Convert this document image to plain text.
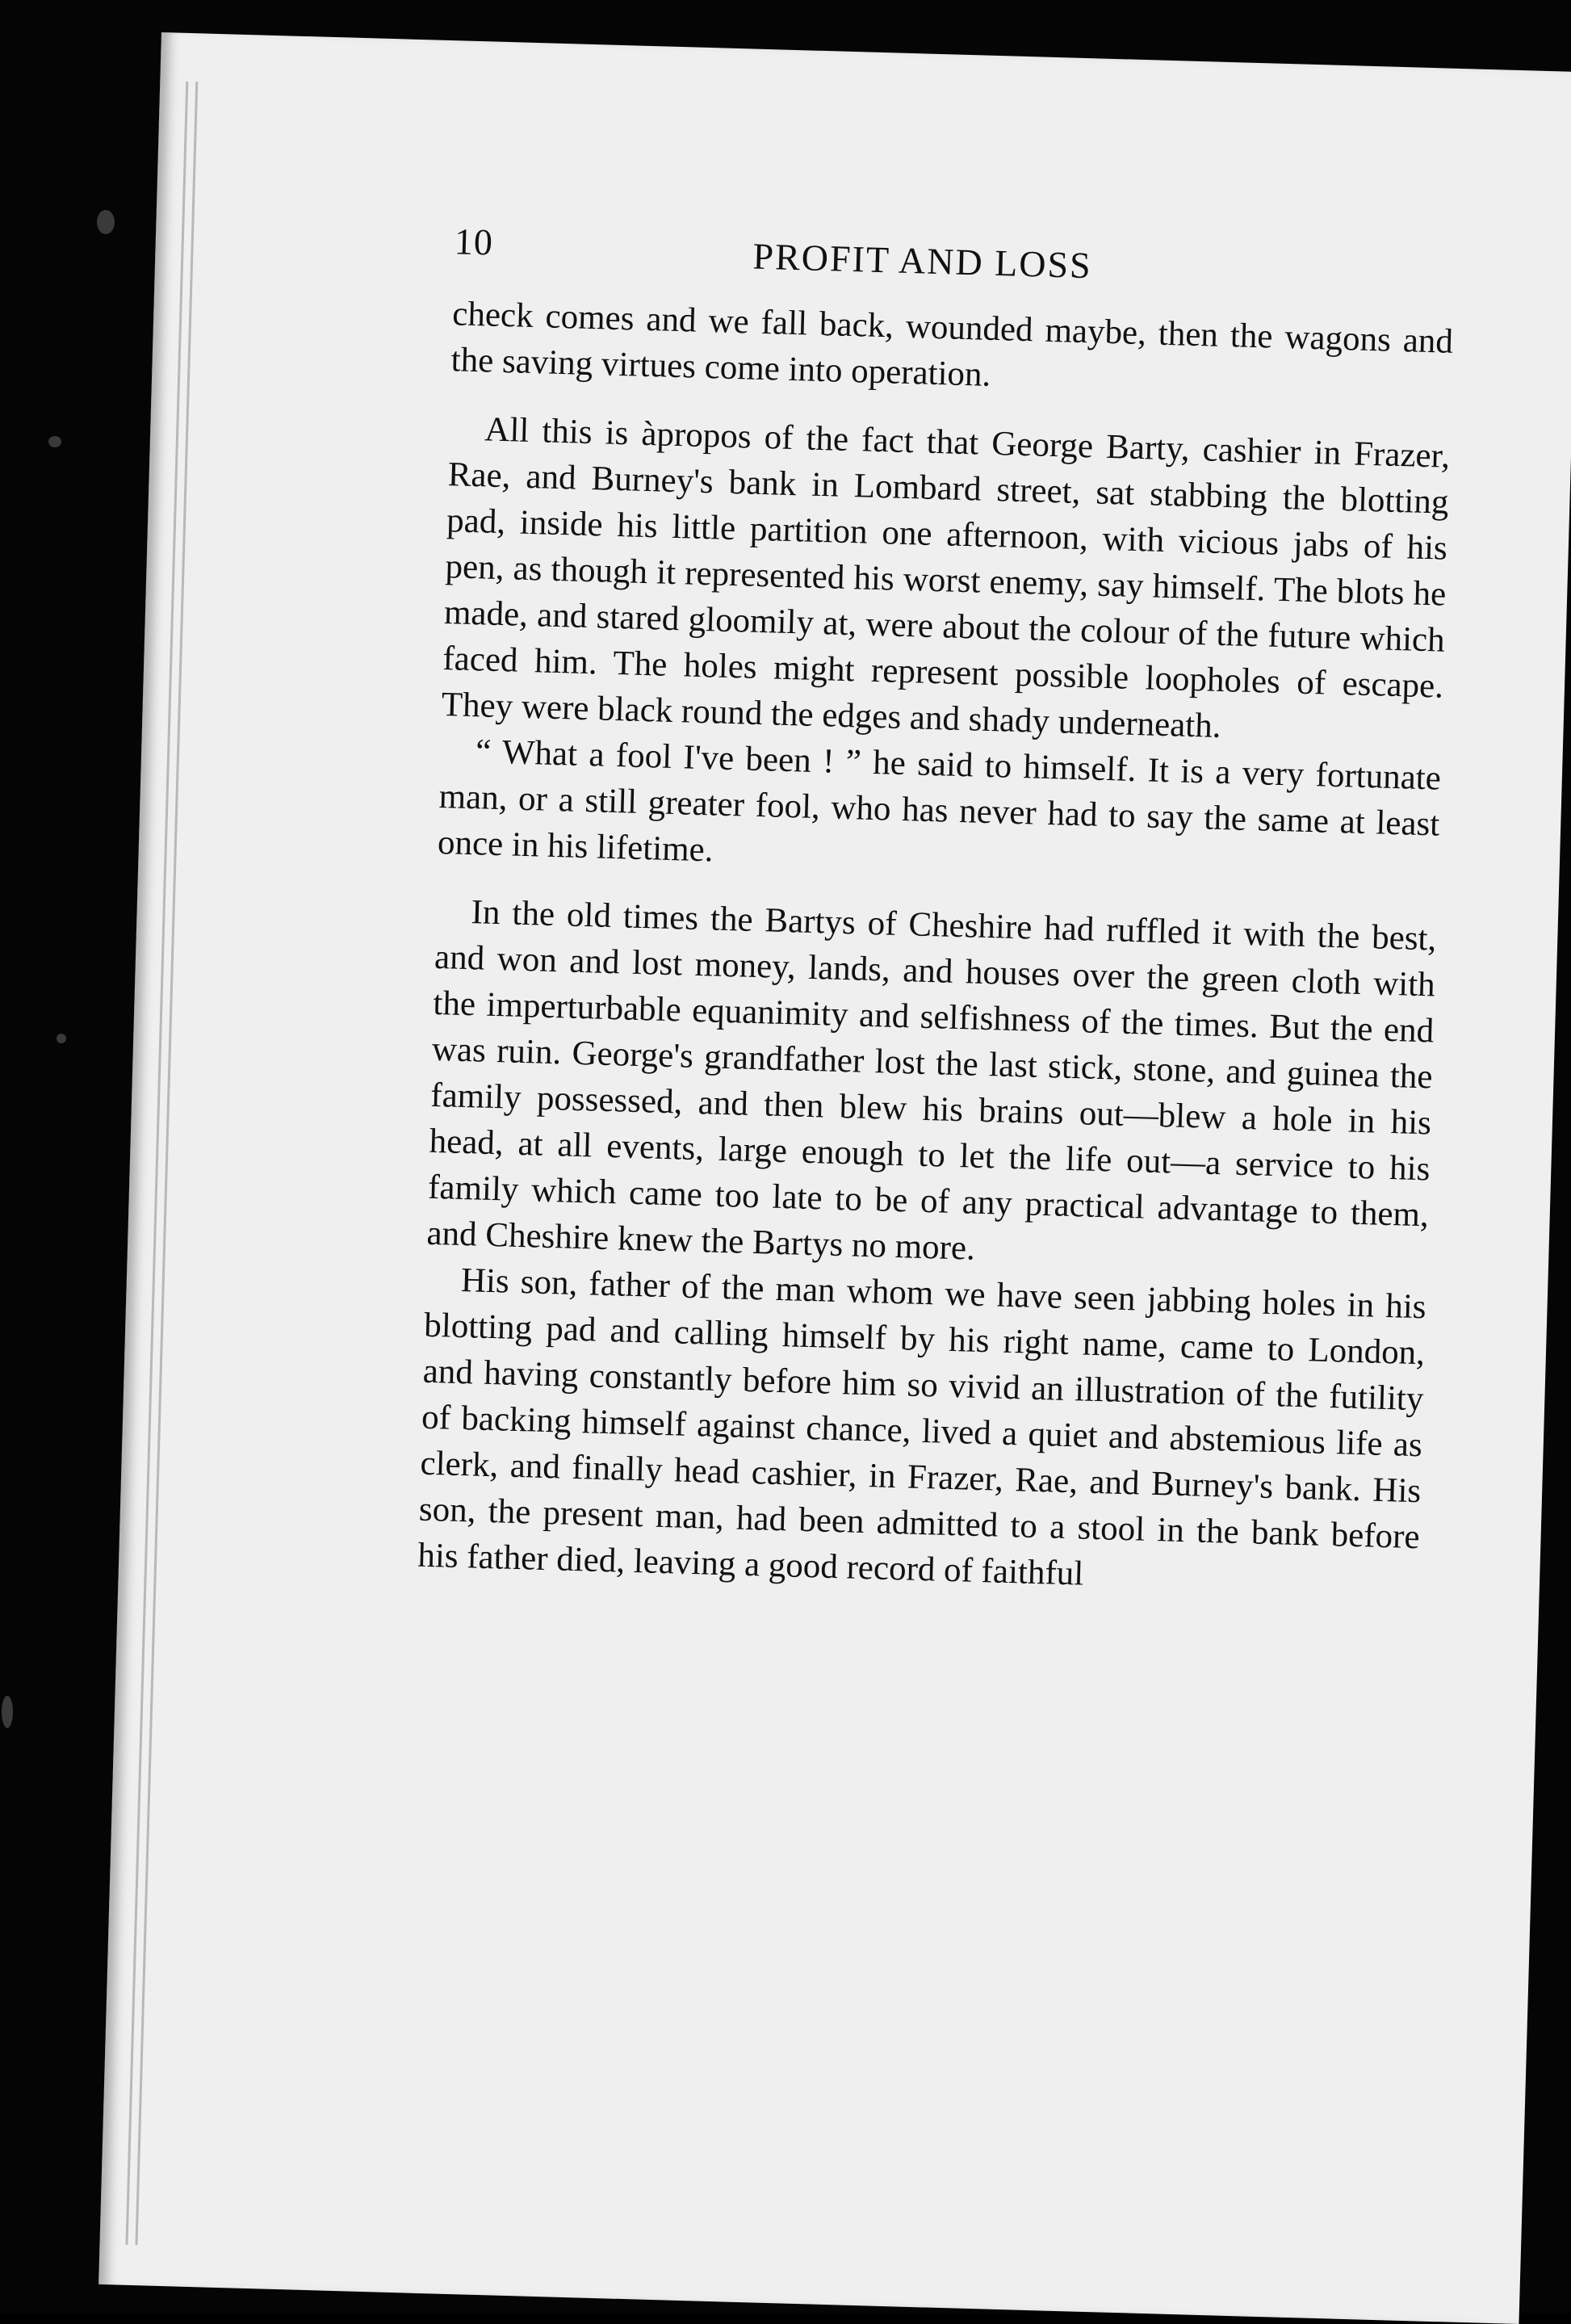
10	PROFIT AND LOSS

check comes and we fall back, wounded maybe, then the wagons and the saving virtues come into operation.

All this is àpropos of the fact that George Barty, cashier in Frazer, Rae, and Burney's bank in Lombard street, sat stabbing the blotting pad, inside his little partition one afternoon, with vicious jabs of his pen, as though it represented his worst enemy, say himself. The blots he made, and stared gloomily at, were about the colour of the future which faced him. The holes might represent possible loopholes of escape. They were black round the edges and shady underneath.

“ What a fool I've been ! ” he said to himself. It is a very fortunate man, or a still greater fool, who has never had to say the same at least once in his lifetime.

In the old times the Bartys of Cheshire had ruffled it with the best, and won and lost money, lands, and houses over the green cloth with the imperturbable equanimity and selfishness of the times. But the end was ruin. George's grandfather lost the last stick, stone, and guinea the family possessed, and then blew his brains out—blew a hole in his head, at all events, large enough to let the life out—a service to his family which came too late to be of any practical advantage to them, and Cheshire knew the Bartys no more.

His son, father of the man whom we have seen jabbing holes in his blotting pad and calling himself by his right name, came to London, and having constantly before him so vivid an illustration of the futility of backing himself against chance, lived a quiet and abstemious life as clerk, and finally head cashier, in Frazer, Rae, and Burney's bank. His son, the present man, had been admitted to a stool in the bank before his father died, leaving a good record of faithful
